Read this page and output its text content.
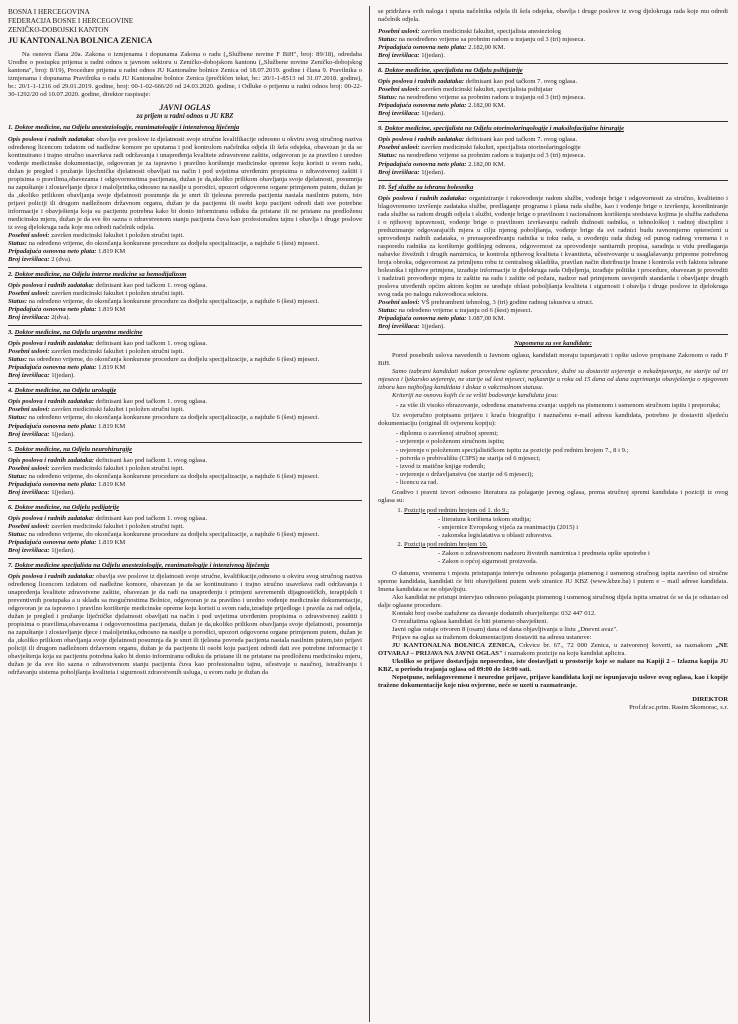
BOSNA I HERCEGOVINA
FEDERACIJA BOSNE I HERCEGOVINE
ZENIČKO-DOBOJSKI KANTON
JU KANTONALNA BOLNICA ZENICA

Na osnovu člana 20a. Zakona o izmjenama i dopunama Zakona o radu („Službene novine F BiH", broj: 89/18), odredaba Uredbe o postupku prijema u radni odnos u javnom sektoru u Zeničko-dobojskom kantonu („Službene novine Zeničko-dobojskog kantona", broj: 8/19), Procedure prijema u radni odnos JU Kantonalne bolnice Zenica od 18.07.2019. godine i člana 9. Pravilnika o izmjenama i dopunama Pravilnika o radu JU Kantonalne bolnice Zenica (prečišćen tekst, br.: 20/1-1-8513 od 31.07.2018. godine), br.: 20/1-1-1216 od 29.01.2019. godine, broj: 00-1-02-666/20 od 24.03.2020. godine, i Odluke o prijemu u radni odnos broj: 00-22-30-1292/20 od 10.07.2020. godine, direktor raspisuje:

JAVNI OGLAS
za prijem u radni odnos u JU KBZ
1. Doktor medicine, na Odjelu anesteziologije, reanimatologije i intenzivnog liječenja

Opis poslova i radnih zadataka: obavlja sve poslove iz djelatnosti svoje stručne kvalifikacije odnosno u okviru svog stručnog naziva određenog licencom izdatom od nadležne komore po uputama i pod kontrolom načelnika odjela ili šefa odsjeka, obavezan je da se kontinuirano i trajno stručno usavršava radi održavanja i unapređenja kvalitete zdravstvene zaštite, odgovoran je za pravilno i uredno vođenje medicinske dokumentacije, odgovoran je za ispravno i pravilno korištenje medicinske opreme koju koristi u svom radu, dužan je pregled i pružanje lijechničke djelatnosti obavljati na način i pod uvjetima utvrđenim propisima o zdravstvenoj zaštiti i propisima o pravilima,obavezama i odgovornostima pacijenata, dužan je da,ukoliko prilikom obavljanja svoje djelatnosti, posumnja na zapuštanje i zlostavljanje djece i maloljetnika,odnosno na nasilje u porodici, upozori odgovorne organe primjenom putem, dužan je da ,ukoliko prilikom obavljanja svoje djelatnosti posumnja da je smrt ili tjelesna povreda pacijenta nastala nasilnim putem, isto prijavi policiji ili drugom nadležnom državnom organu, dužan je da pacijentu ili osobi koju pacijent odredi dati sve potrebne informacije i obavještenja koja su pacijentu potrebna kako bi donio informiranu odluku da pristane ili ne pristane na predloženu medicinsku mjeru, dužan je da sve što sazna o zdravstvenom stanju pacijenta čuva kao profesionalnu tajnu i obavlja i druge poslove iz svog djelokruga rada koje mu odredi načelnik odjela.

Posebni uslovi: završen medicinski fakultet i položen stručni ispit.

Status: na određeno vrijeme, do okončanja konkursne procedure za dodjelu specijalizacije, a najduže 6 (šest) mjeseci.

Pripadajuća osnovna neto plata: 1.819 KM

Broj izvršilaca: 2 (dva).

2. Doktor medicine, na Odjelu interne medicine sa hemodijalizom

Opis poslova i radnih zadataka: definisani kao pod tačkom 1. ovog oglasa.

Posebni uslovi: završen medicinski fakultet i položen stručni ispit.

Status: na određeno vrijeme, do okončanja konkursne procedure za dodjelu specijalizacije, a najduže 6 (šest) mjeseci.

Pripadajuća osnovna neto plata: 1.819 KM

Broj izvršilaca: 2(dva).

3. Doktor medicine, na Odjelu urgentne medicine

Opis poslova i radnih zadataka: definisani kao pod tačkom 1. ovog oglasa.

Posebni uslovi: završen medicinski fakultet i položen stručni ispit.

Status: na određeno vrijeme, do okončanja konkursne procedure za dodjelu specijalizacije, a najduže 6 (šest) mjeseci.

Pripadajuća osnovna neto plata: 1.819 KM

Broj izvršilaca: 1(jedan).

4. Doktor medicine, na Odjelu urologije

Opis poslova i radnih zadataka: definisani kao pod tačkom 1. ovog oglasa.

Posebni uslovi: završen medicinski fakultet i položen stručni ispit.

Status: na određeno vrijeme, do okončanja konkursne procedure za dodjelu specijalizacije, a najduže 6 (šest) mjeseci.

Pripadajuća osnovna neto plata: 1.819 KM

Broj izvršilaca: 1(jedan).

5. Doktor medicine, na Odjelu neurohirurgije

Opis poslova i radnih zadataka: definisani kao pod tačkom 1. ovog oglasa.

Posebni uslovi: završen medicinski fakultet i položen stručni ispit.

Status: na određeno vrijeme, do okončanja konkursne procedure za dodjelu specijalizacije, a najduže 6 (šest) mjeseci.

Pripadajuća osnovna neto plata: 1.819 KM

Broj izvršilaca: 1(jedan).

6. Doktor medicine, na Odjelu pedijatrije

Opis poslova i radnih zadataka: definisani kao pod tačkom 1. ovog oglasa.

Posebni uslovi: završen medicinski fakultet i položen stručni ispit.

Status: na određeno vrijeme, do okončanja konkursne procedure za dodjelu specijalizacije, a najduže 6 (šest) mjeseci.

Pripadajuća osnovna neto plata: 1.819 KM

Broj izvršilaca: 1(jedan).

7. Doktor medicine specijalista na Odjelu anesteziologije, reanimatologije i intenzivnog liječenja

Opis poslova i radnih zadataka: obavlja sve poslove iz djelatnosti svoje stručne, kvalifikacije,odnosno u okviru svog stručnog naziva određenog licencom izdatom od nadležne komore, obavezan je da se kontinuirano i trajno stručno usavršava radi održavanja i unapređenja kvalitete zdravstvene zaštite, obavezan je da radi na unapređenju i primjeni savremenih dijagnostičkih, terapijskih i preventivnih postupaka a u skladu sa mogućnostima Bolnice, odgovoran je za pravilno i uredno vođenje medicinske dokumentacije, odgovoran je za ispravno i pravilno korištenje medicinske opreme koju koristi u svom radu,izraduje prijedloge i pravila za rad odjela, dužan je pregled i pružanje liječničke djelatnosti obavljati na način i pod uvjetima utvrđenim propisima o zdravstvenoj zaštiti i propisima o pravilima,obavezama i odgovornostima pacijenata, dužan je da,ukoliko prilikom obavljanja svoje djelatnosti, posumnja na zapuštanje i zlostavljanje djece i maloljetnika,odnosno na nasilje u porodici, upozori odgovorne organe primjenom putem, dužan je da ,ukoliko prilikom obavljanja svoje djelatnosti posumnja da je smrt ili tjelesna povreda pacijenta nastala nasilnim putem,isto prijavi policiji ili drugom nadležnom državnom organu, dužan je da pacijentu ili osobi koju pacijent odredi dati sve potrebne informacije i obavještenja koja su pacijentu potrebna kako bi donio informiranu odluku da pristane ili ne pristane na predloženu medicinsku mjeru, dužan je da sve što sazna o zdravstvenom stanju pacijenta čuva kao profesionalnu tajnu, učestvuje u naučnoj, istraživanju i održavanju sistema poboljšanja kvaliteta i sigurnosti zdravstvenih usluga, u svom radu je dužan da

se pridržava svih naloga i uputa načelnika odjela ili šefa odsjeka, obavlja i druge poslove iz svog djelokruga rada koje mu odredi načelnik odjela.

Posebni uslovi: završen medicinski fakultet, specijalista anesteziolog

Status: na neodređeno vrijeme sa probnim radom u trajanju od 3 (tri) mjeseca.

Pripadajuća osnovna neto plata: 2.182,00 KM.

Broj izvršilaca: 1(jedan).

8. Doktor medicine, specijalista na Odjelu psihijatrije

Opis poslova i radnih zadataka: definisani kao pod tačkom 7. ovog oglasa.

Posebni uslovi: završen medicinski fakultet, specijalista psihijatar

Status: na neodređeno vrijeme sa probnim radom u trajanju od 3 (tri) mjeseca.

Pripadajuća osnovna neto plata: 2.182,00 KM.

Broj izvršilaca: 1(jedan).

9. Doktor medicine, specijalista na Odjelu otorinolaringologije i maksilofacijalne hirurgije

Opis poslova i radnih zadataka: definisani kao pod tačkom 7. ovog oglasa.

Posebni uslovi: završen medicinski fakultet, specijalista otorinolaringologije

Status: na neodređeno vrijeme sa probnim radom u trajanju od 3 (tri) mjeseca.

Pripadajuća osnovna neto plata: 2.182,00 KM.

Broj izvršilaca: 1(jedan).

10. Šef službe za ishranu bolesnika

Opis poslova i radnih zadataka: organiziranje i rukovođenje radom službe, vođenje brige i odgovornosti za stručno, kvalitetno i blagovremeno izvršenje zadataka službe, predlaganje programa i plana rada službe, kao i vođenje brige o izvršenju, koordiniranje rada službe sa radom drugih odjela i službi, vođenje brige o pravilnom i racionalnom korištenju sredstava kojima je služba zadužena i o njihovoj ispravnosti, vođenje brige o pravilnom izvršavanju radnih dužnosti radnika, o tehnološkoj i radnoj disciplini i preduzimanje odgovarajućih mjera u cilju njenog poboljšanja, vođenje brige da svi radnici budu ravnomjerno opterećeni u sprovođenju radnih zadataka, o preraspoređivanju radnika u toku rada, u uvođenju rada dužeg od punog radnog vremena i o rasporedu radnika za korištenje godišnjeg odmora, odgovornost za sprovođenje sanitarnih propisa, saradnja u vidu predlaganja nabavke živežnih i drugih namirnica, te kontrola njihovog kvaliteta i kvantiteta, učestvovanje u usaglašavanju pripreme potrebnog broja obroka, odgovornost za primljenu robu iz centralnog skladišta, pravilan način distribucije hrane i kontrola svih faktora ishrane bolesnika i njihove primjene, izrađuje informacije iz djelokruga rada Odjeljenja, izrađuje politike i procedure, obavezan je provoditi i nadzirati provođenje mjera iz zaštite na radu i zaštite od požara, nadzor nad primjenom usvojenih standarda i obavljanje drugih poslova utvrđenih općim aktom kojim se uređuje oblast poboljšanja kvaliteta i sigurnosti i obavlja i druge poslove iz djelokruga svog rada po nalogu rukovodioca sektora.

Posebni uslovi: VŠ prehrambeni tehnolog, 3 (tri) godine radnog iskustva u struci.

Status: na određeno vrijeme u trajanju od 6 (šest) mjeseci.

Pripadajuća osnovna neto plata: 1.087,00 KM.

Broj izvršilaca: 1(jedan).

Napomena za sve kandidate:

Pored posebnih uslova navedenih u Javnom oglasu, kandidati moraju ispunjavati i opšte uslove propisane Zakonom o radu F BiH.

Samo izabrani kandidati nakon provedene oglasne procedure, dužni su dostaviti uvjerenje o nekažnjavanju, ne starije od tri mjeseca i ljekarsko uvjerenje, ne starije od šest mjeseci, najkasnije u roku od 15 dana od dana zaprimanja obavještenja o njegovom izboru kao najboljeg kandidata i dokaz o vakcinalnom statusu.

Kriteriji na osnovu kojih će se vršiti bodovanje kandidata jesu:

- za više ili visoko obrazovanje, određena znanstvena zvanja: uspjeh na pismenom i usmenom stručnom ispitu i preporuka;

Uz svojeručno potpisanu prijavu i kraću biografiju i naznačenu e-mail adresu kandidata, potrebno je dostaviti sljedeću dokumentaciju (original ili ovjerenu kopiju):

- diplomu o završenoj stručnoj spremi;
- uvjerenje o položenom stručnom ispitu;
- uvjerenje o položenom specijalističkom ispitu za pozicije pod rednim brojem 7., 8 i 9.;
- potvrda o prebivalištu (CIPS) ne starija od 6 mjeseci;
- izvod iz matične knjige rođenih;
- uvjerenje o državljanstvu (ne starije od 6 mjeseci);
- licencu za rad.

Gradivo i pravni izvori odnosno literatura za polaganje javnog oglasa, prema stručnoj spremi kandidata i poziciji iz ovog oglasa su:

1. Pozicije pod rednim brojem od 1. do 9.:
- literatura korištena tokom studija;
- smjernice Evropskog vijeća za reanimaciju (2015) i
- zakonska legislatativa u oblasti zdravstva.
2. Pozicija pod rednim brojem 10.
- Zakon o zdravstvenom nadzoru životnih namirnica i predmeta opšte upotrebe i
- Zakon o općoj sigurnosti proizvoda.

O datumu, vremenu i mjestu pristupanja intervju odnosno polaganja pismenog i usmenog stručnog ispita završno od stručne spreme kandidata, kandidati će biti obaviješteni putem web stranice JU KBZ (www.kbze.ba) i putem e – mail adrese kandidata. Imena kandidata se ne objavljuju.

Ako kandidat ne pristupi intervjuu odnosno polaganju pismenog i usmenog stručnog dijela ispita smatrat će se da je odustao od dalje oglasne procedure.

Kontakt broj osobe zadužene za davanje dodatnih obavještenja: 032 447 012.

O rezultatima oglasa kandidati će biti pismeno obavješteni.

Javni oglas ostaje otvoren 8 (osam) dana od dana objavljivanja u listu „Dnevni avaz".

Prijave na oglas sa traženom dokumentacijom dostaviti na adresu ustanove:

JU KANTONALNA BOLNICA ZENICA, Crkvice br. 67., 72 000 Zenica, u zatvorenoj koverti, sa naznakom „NE OTVARAJ – PRIJAVA NA JAVNI OGLAS" i naznakom pozicije na koju kandidat aplicira.

Ukoliko se prijave dostavljaju neposredno, iste dostavljati u prostorije koje se nalaze na Kapiji 2 – Izlazna kapija JU KBZ, u periodu trajanja oglasa od 09:00 do 14:00 sati.

Nepotpune, neblagovremene i neuredne prijave, prijave kandidata koji ne ispunjavaju uslove ovog oglasa, kao i kopije tražene dokumentacije koje nisu ovjerene, neće se uzeti u razmatranje.

DIREKTOR
Prof.dr.sc.prim. Rasim Skomorac, s.r.
